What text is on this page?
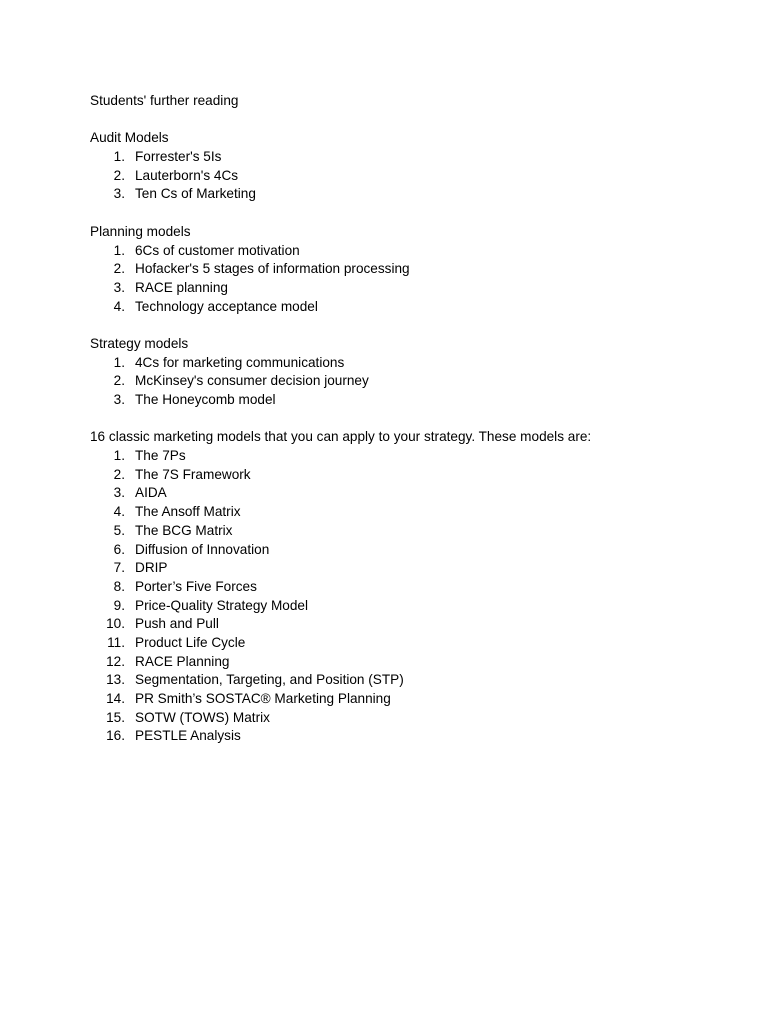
Students' further reading
Audit Models
1. Forrester's 5Is
2. Lauterborn's 4Cs
3. Ten Cs of Marketing
Planning models
1. 6Cs of customer motivation
2. Hofacker's 5 stages of information processing
3. RACE planning
4. Technology acceptance model
Strategy models
1. 4Cs for marketing communications
2. McKinsey's consumer decision journey
3. The Honeycomb model
16 classic marketing models that you can apply to your strategy. These models are:
1. The 7Ps
2. The 7S Framework
3. AIDA
4. The Ansoff Matrix
5. The BCG Matrix
6. Diffusion of Innovation
7. DRIP
8. Porter’s Five Forces
9. Price-Quality Strategy Model
10. Push and Pull
11. Product Life Cycle
12. RACE Planning
13. Segmentation, Targeting, and Position (STP)
14. PR Smith’s SOSTAC® Marketing Planning
15. SOTW (TOWS) Matrix
16. PESTLE Analysis
